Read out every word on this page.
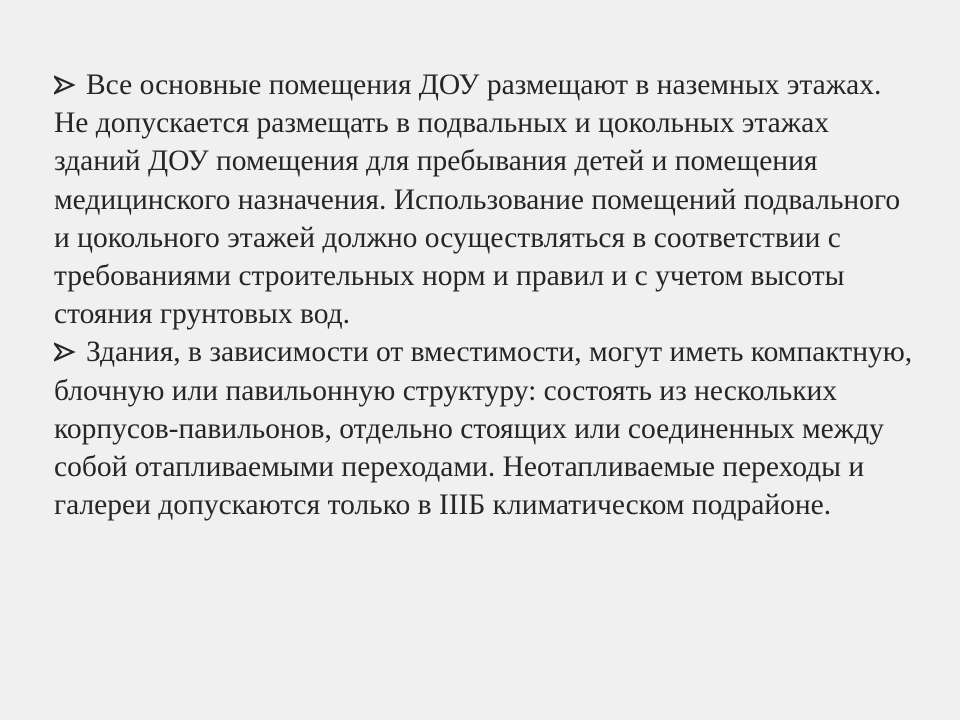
Все основные помещения ДОУ размещают в наземных этажах. Не допускается размещать в подвальных и цокольных этажах зданий ДОУ помещения для пребывания детей и помещения медицинского назначения. Использование помещений подвального и цокольного этажей должно осуществляться в соответствии с требованиями строительных норм и правил и с учетом высоты стояния грунтовых вод.

Здания, в зависимости от вместимости, могут иметь компактную, блочную или павильонную структуру: состоять из нескольких корпусов-павильонов, отдельно стоящих или соединенных между собой отапливаемыми переходами. Неотапливаемые переходы и галереи допускаются только в IIIБ климатическом подрайоне.
